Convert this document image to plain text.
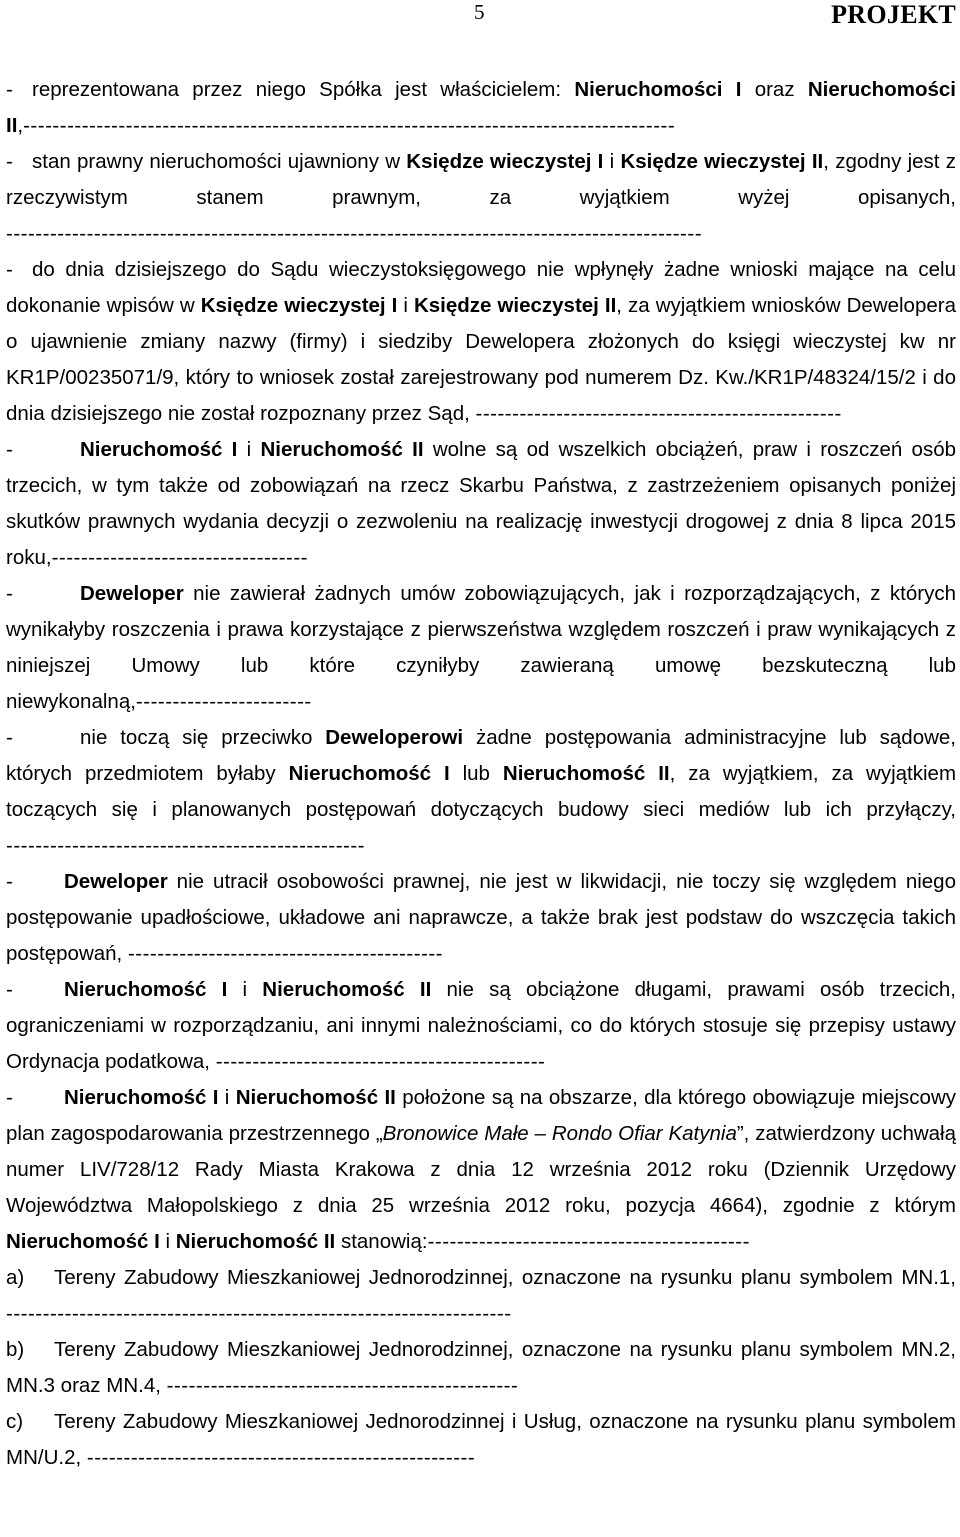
5	PROJEKT

- reprezentowana przez niego Spółka jest właścicielem: Nieruchomości I oraz Nieruchomości II,-----------------------------------------------------------------------------------------

- stan prawny nieruchomości ujawniony w Księdze wieczystej I i Księdze wieczystej II, zgodny jest z rzeczywistym stanem prawnym, za wyjątkiem wyżej opisanych, -----------------------------------------------------------------------------------------------

- do dnia dzisiejszego do Sądu wieczystoksięgowego nie wpłynęły żadne wnioski mające na celu dokonanie wpisów w Księdze wieczystej I i Księdze wieczystej II, za wyjątkiem wniosków Dewelopera o ujawnienie zmiany nazwy (firmy) i siedziby Dewelopera złożonych do księgi wieczystej kw nr KR1P/00235071/9, który to wniosek został zarejestrowany pod numerem Dz. Kw./KR1P/48324/15/2 i do dnia dzisiejszego nie został rozpoznany przez Sąd, --------------------------------------------------

-	Nieruchomość I i Nieruchomość II wolne są od wszelkich obciążeń, praw i roszczeń osób trzecich, w tym także od zobowiązań na rzecz Skarbu Państwa, z zastrzeżeniem opisanych poniżej skutków prawnych wydania decyzji o zezwoleniu na realizację inwestycji drogowej z dnia 8 lipca 2015 roku,-----------------------------------

-	Deweloper nie zawierał żadnych umów zobowiązujących, jak i rozporządzających, z których wynikałyby roszczenia i prawa korzystające z pierwszeństwa względem roszczeń i praw wynikających z niniejszej Umowy lub które czyniłyby zawieraną umowę bezskuteczną lub niewykonalną,------------------------

-	nie toczą się przeciwko Deweloperowi żadne postępowania administracyjne lub sądowe, których przedmiotem byłaby Nieruchomość I lub Nieruchomość II, za wyjątkiem, za wyjątkiem toczących się i planowanych postępowań dotyczących budowy sieci mediów lub ich przyłączy, -------------------------------------------------

- Deweloper nie utracił osobowości prawnej, nie jest w likwidacji, nie toczy się względem niego postępowanie upadłościowe, układowe ani naprawcze, a także brak jest podstaw do wszczęcia takich postępowań, -------------------------------------------

- Nieruchomość I i Nieruchomość II nie są obciążone długami, prawami osób trzecich, ograniczeniami w rozporządzaniu, ani innymi należnościami, co do których stosuje się przepisy ustawy Ordynacja podatkowa, ---------------------------------------------

- Nieruchomość I i Nieruchomość II położone są na obszarze, dla którego obowiązuje miejscowy plan zagospodarowania przestrzennego „Bronowice Małe – Rondo Ofiar Katynia”, zatwierdzony uchwałą numer LIV/728/12 Rady Miasta Krakowa z dnia 12 września 2012 roku (Dziennik Urzędowy Województwa Małopolskiego z dnia 25 września 2012 roku, pozycja 4664), zgodnie z którym Nieruchomość I i Nieruchomość II stanowią:--------------------------------------------

a) Tereny Zabudowy Mieszkaniowej Jednorodzinnej, oznaczone na rysunku planu symbolem MN.1, ---------------------------------------------------------------------

b) Tereny Zabudowy Mieszkaniowej Jednorodzinnej, oznaczone na rysunku planu symbolem MN.2, MN.3 oraz MN.4, ------------------------------------------------

c) Tereny Zabudowy Mieszkaniowej Jednorodzinnej i Usług, oznaczone na rysunku planu symbolem MN/U.2, -----------------------------------------------------
